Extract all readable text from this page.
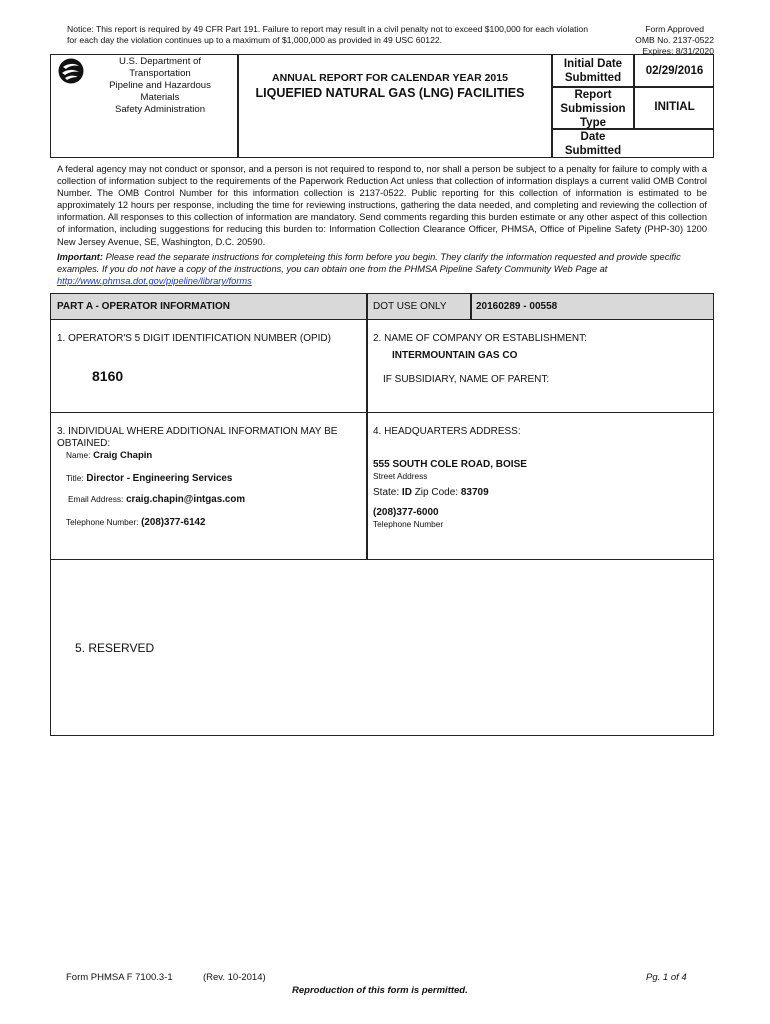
Notice: This report is required by 49 CFR Part 191. Failure to report may result in a civil penalty not to exceed $100,000 for each violation
for each day the violation continues up to a maximum of $1,000,000 as provided in 49 USC 60122.
Form Approved
OMB No. 2137-0522
Expires: 8/31/2020
U.S. Department of
Transportation
Pipeline and Hazardous
Materials
Safety Administration
ANNUAL REPORT FOR CALENDAR YEAR 2015
LIQUEFIED NATURAL GAS (LNG) FACILITIES
Initial Date Submitted
02/29/2016
Report Submission Type
INITIAL
Date Submitted
A federal agency may not conduct or sponsor, and a person is not required to respond to, nor shall a person be subject to a penalty for failure to comply with a collection of information subject to the requirements of the Paperwork Reduction Act unless that collection of information displays a current valid OMB Control Number. The OMB Control Number for this information collection is 2137-0522. Public reporting for this collection of information is estimated to be approximately 12 hours per response, including the time for reviewing instructions, gathering the data needed, and completing and reviewing the collection of information. All responses to this collection of information are mandatory. Send comments regarding this burden estimate or any other aspect of this collection of information, including suggestions for reducing this burden to: Information Collection Clearance Officer, PHMSA, Office of Pipeline Safety (PHP-30) 1200 New Jersey Avenue, SE, Washington, D.C. 20590.
Important: Please read the separate instructions for completeing this form before you begin. They clarify the information requested and provide specific examples. If you do not have a copy of the instructions, you can obtain one from the PHMSA Pipeline Safety Community Web Page at http://www.phmsa.dot.gov/pipeline/library/forms
PART A - OPERATOR INFORMATION	DOT USE ONLY	20160289 - 00558
1. OPERATOR'S 5 DIGIT IDENTIFICATION NUMBER (OPID)
8160
2. NAME OF COMPANY OR ESTABLISHMENT:
INTERMOUNTAIN GAS CO
IF SUBSIDIARY, NAME OF PARENT:
3. INDIVIDUAL WHERE ADDITIONAL INFORMATION MAY BE OBTAINED:
Name: Craig Chapin
Title: Director - Engineering Services
Email Address: craig.chapin@intgas.com
Telephone Number: (208)377-6142
4. HEADQUARTERS ADDRESS:
555 SOUTH COLE ROAD, BOISE
Street Address
State: ID Zip Code: 83709
(208)377-6000
Telephone Number
5. RESERVED
Form PHMSA F 7100.3-1	(Rev. 10-2014)	Pg. 1 of 4
Reproduction of this form is permitted.
